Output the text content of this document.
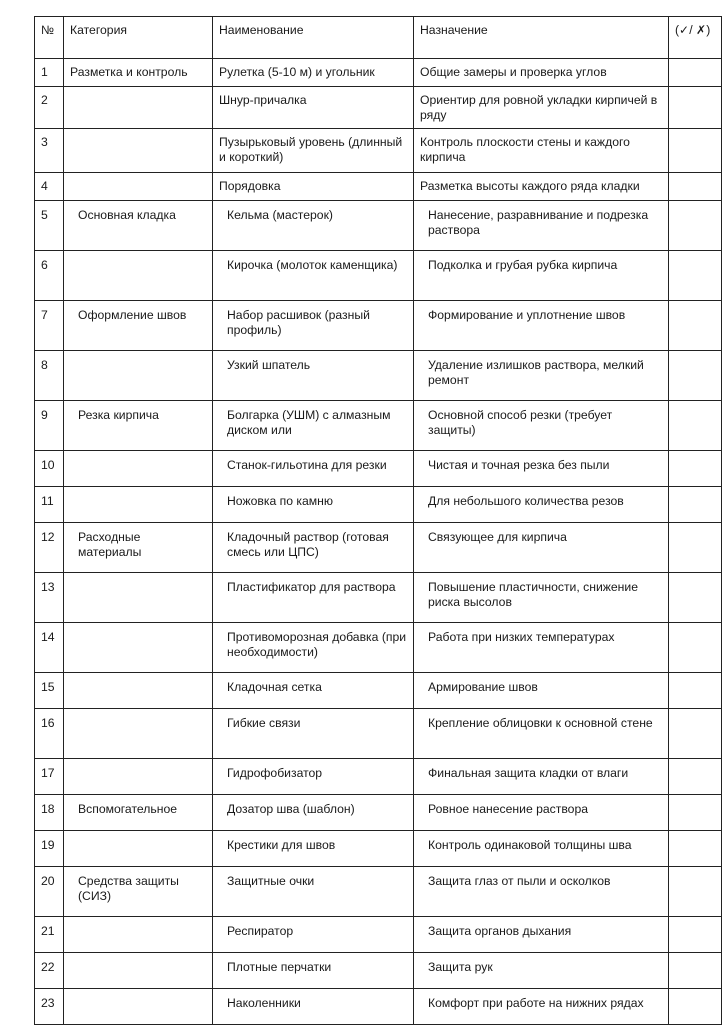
№	Категория	Наименование	Назначение	(✓/ ✗)
1	Разметка и контроль	Рулетка (5-10 м) и угольник	Общие замеры и проверка углов	
2		Шнур-причалка	Ориентир для ровной укладки кирпичей в ряду	
3		Пузырьковый уровень (длинный и короткий)	Контроль плоскости стены и каждого кирпича	
4		Порядовка	Разметка высоты каждого ряда кладки	
5	Основная кладка	Кельма (мастерок)	Нанесение, разравнивание и подрезка раствора	
6		Кирочка (молоток каменщика)	Подколка и грубая рубка кирпича	
7	Оформление швов	Набор расшивок (разный профиль)	Формирование и уплотнение швов	
8		Узкий шпатель	Удаление излишков раствора, мелкий ремонт	
9	Резка кирпича	Болгарка (УШМ) с алмазным диском или	Основной способ резки (требует защиты)	
10		Станок-гильотина для резки	Чистая и точная резка без пыли	
11		Ножовка по камню	Для небольшого количества резов	
12	Расходные материалы	Кладочный раствор (готовая смесь или ЦПС)	Связующее для кирпича	
13		Пластификатор для раствора	Повышение пластичности, снижение риска высолов	
14		Противоморозная добавка (при необходимости)	Работа при низких температурах	
15		Кладочная сетка	Армирование швов	
16		Гибкие связи	Крепление облицовки к основной стене	
17		Гидрофобизатор	Финальная защита кладки от влаги	
18	Вспомогательное	Дозатор шва (шаблон)	Ровное нанесение раствора	
19		Крестики для швов	Контроль одинаковой толщины шва	
20	Средства защиты (СИЗ)	Защитные очки	Защита глаз от пыли и осколков	
21		Респиратор	Защита органов дыхания	
22		Плотные перчатки	Защита рук	
23		Наколенники	Комфорт при работе на нижних рядах	
